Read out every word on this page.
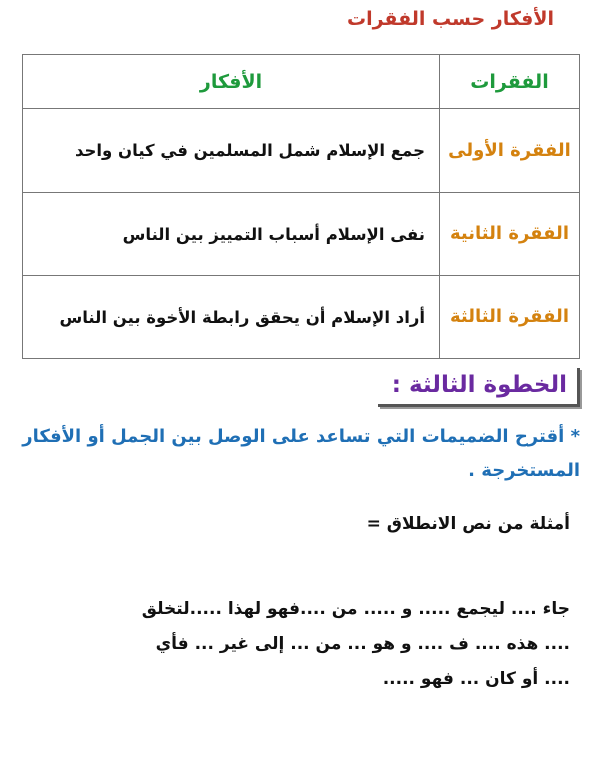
الأفكار حسب الفقرات
الفقرات	الأفكار
الفقرة الأولى	جمع الإسلام شمل المسلمين في كيان واحد
الفقرة الثانية	نفى الإسلام أسباب التمييز بين الناس
الفقرة الثالثة	أراد الإسلام أن يحقق رابطة الأخوة بين الناس
الخطوة الثالثة :
* أقترح الضميمات التي تساعد على الوصل بين الجمل أو الأفكار المستخرجة .
أمثلة من نص الانطلاق =
جاء .... ليجمع ..... و ..... من ....فهو لهذا .....لتخلق
.... هذه .... ف .... و هو ... من ... إلى غير ... فأي
.... أو كان ... فهو .....
